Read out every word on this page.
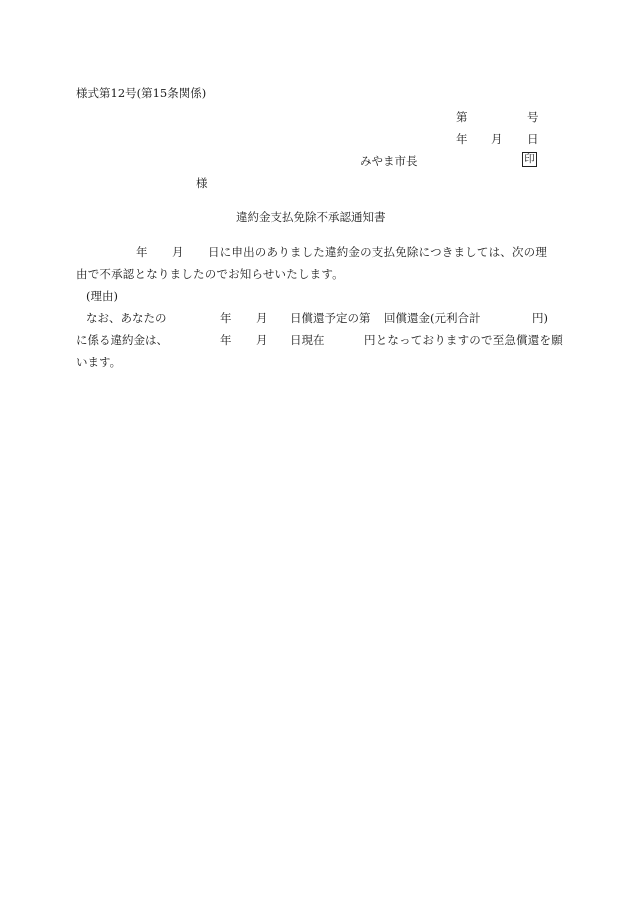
様式第12号(第15条関係)
第	号
年 月 日
みやま市長	印
様
違約金支払免除不承認通知書
年 月 日に申出のありました違約金の支払免除につきましては、次の理
由で不承認となりましたのでお知らせいたします。
(理由)
なお、あなたの	年 月 日償還予定の第 回償還金(元利合計	円)
に係る違約金は、	年 月 日現在	円となっておりますので至急償還を願
います。
